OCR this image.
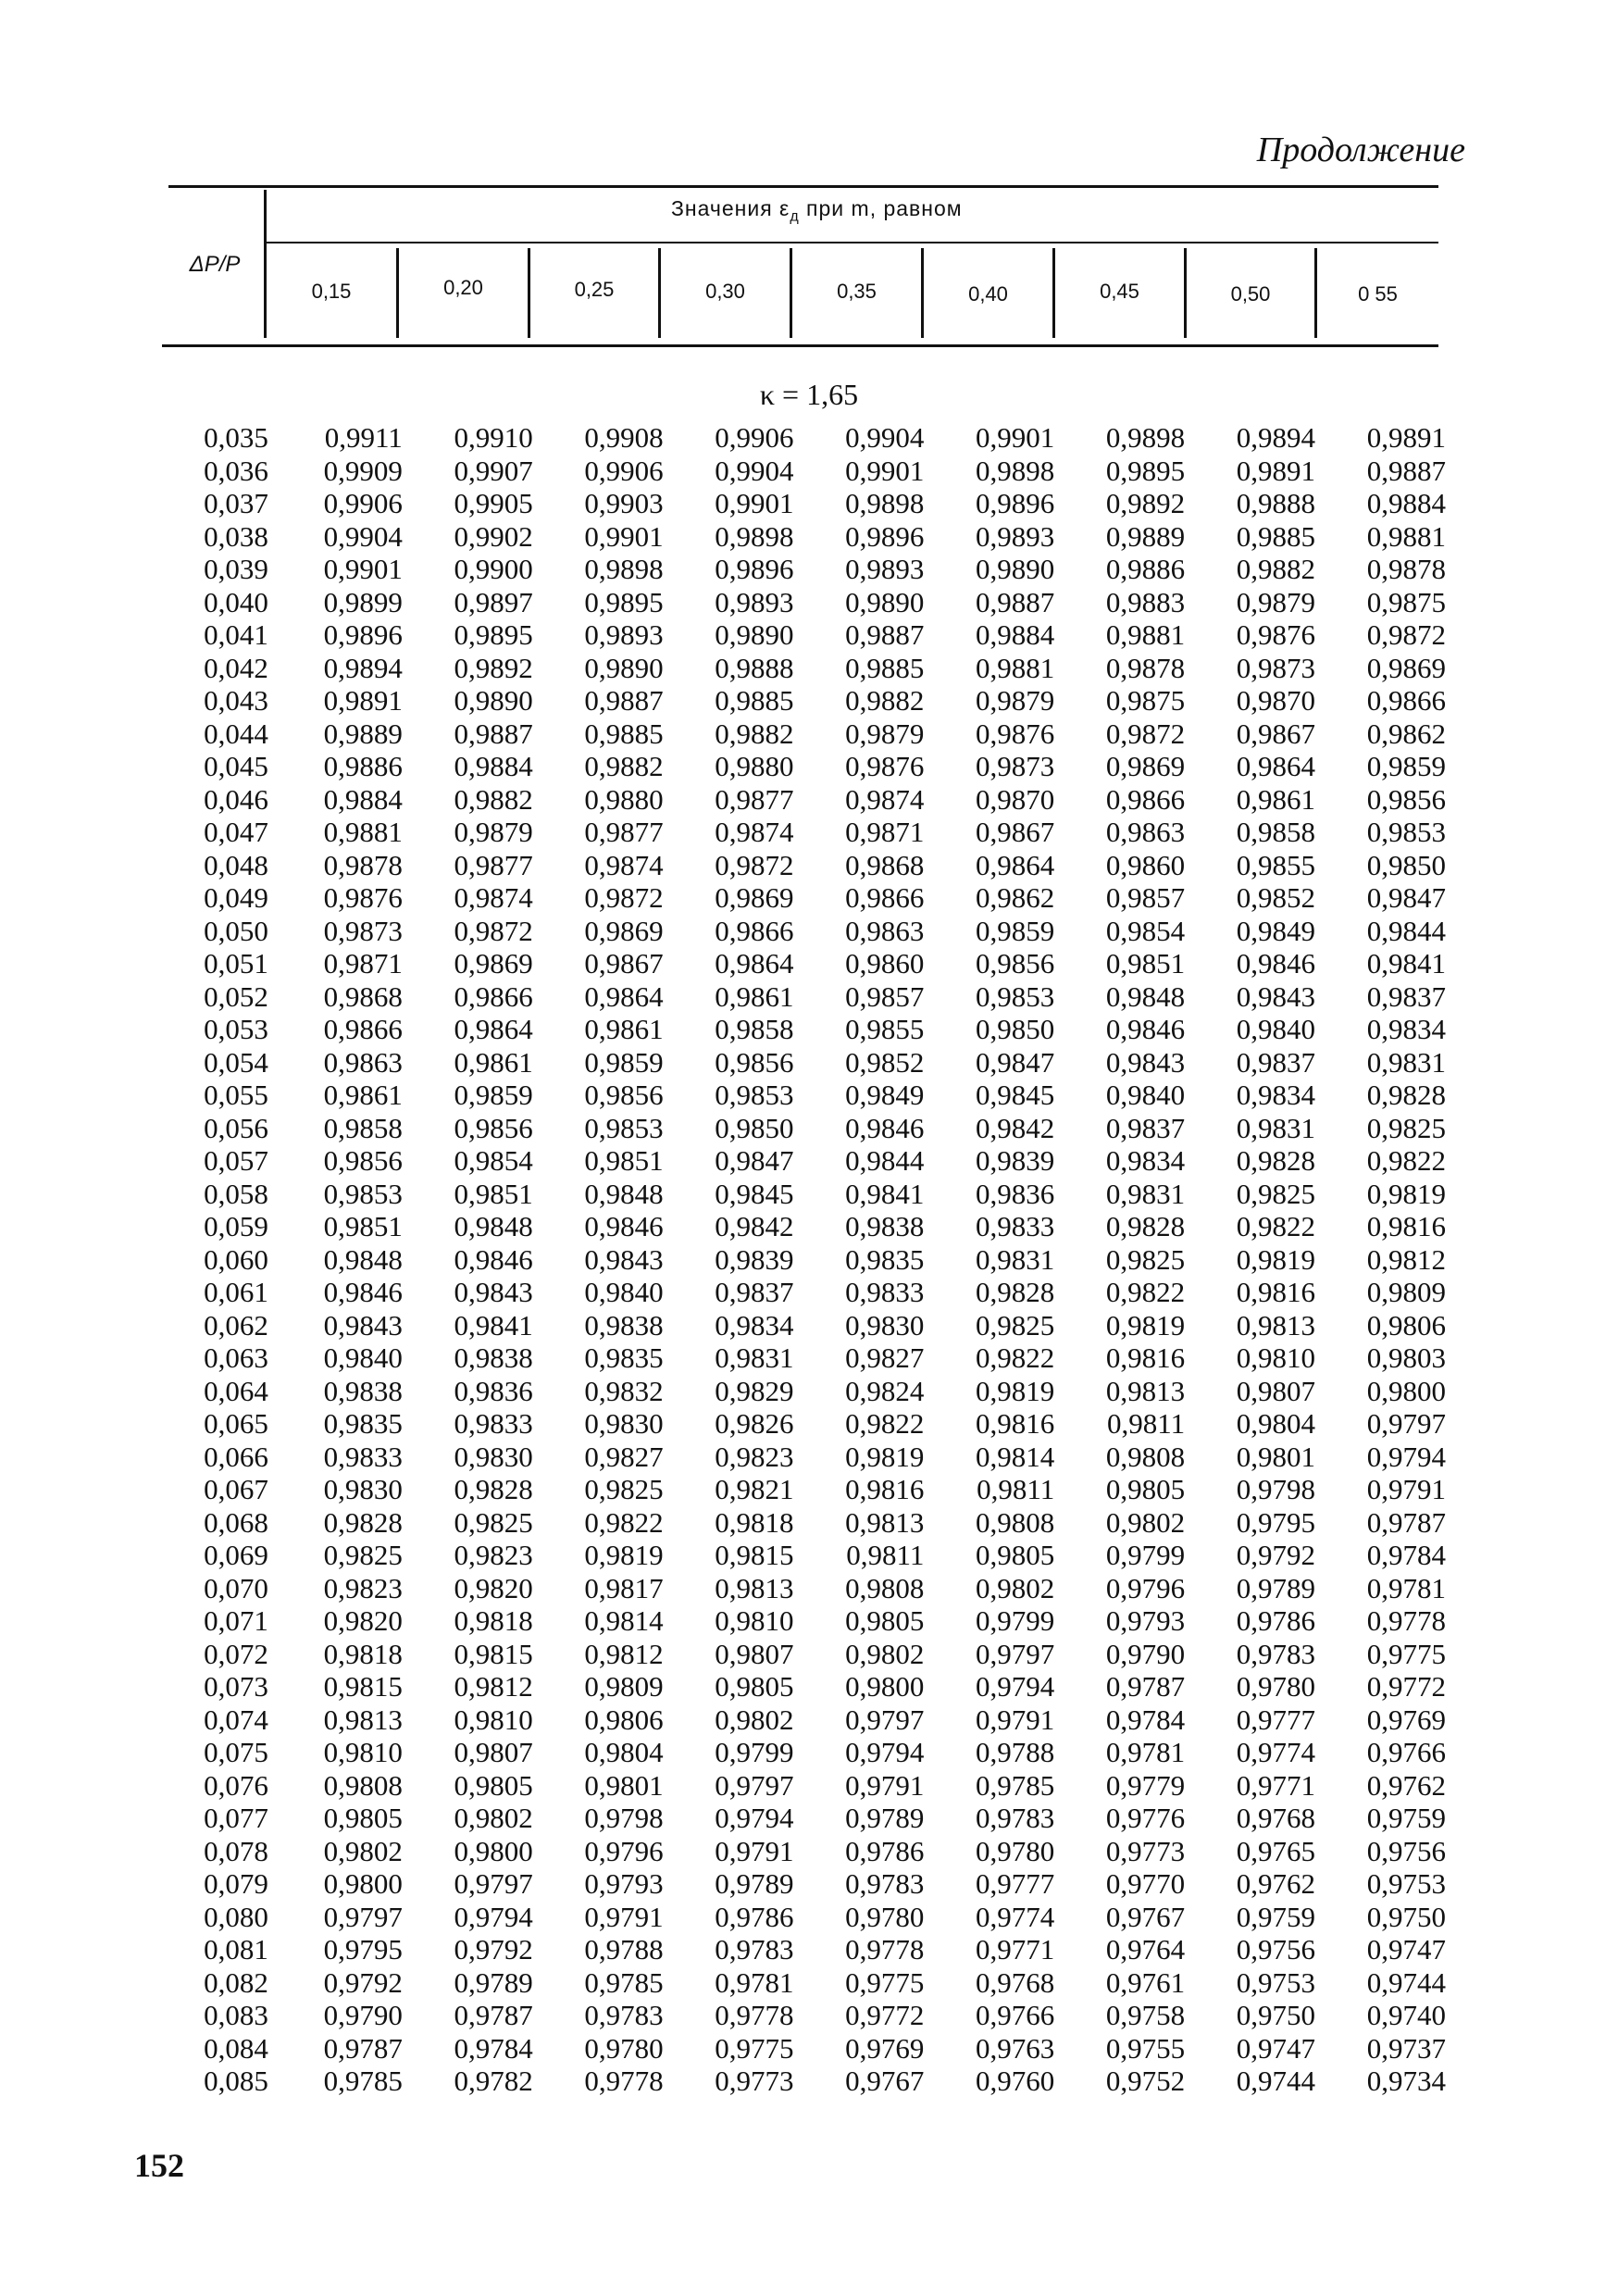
Продолжение
ΔP/P
Значения $\varepsilon_д$ при m, равном
0,15	0,20	0,25	0,30	0,35	0,40	0,45	0,50	0 55
κ = 1,65
0,035	0,9911	0,9910	0,9908	0,9906	0,9904	0,9901	0,9898	0,9894	0,9891
0,036	0,9909	0,9907	0,9906	0,9904	0,9901	0,9898	0,9895	0,9891	0,9887
0,037	0,9906	0,9905	0,9903	0,9901	0,9898	0,9896	0,9892	0,9888	0,9884
0,038	0,9904	0,9902	0,9901	0,9898	0,9896	0,9893	0,9889	0,9885	0,9881
0,039	0,9901	0,9900	0,9898	0,9896	0,9893	0,9890	0,9886	0,9882	0,9878
0,040	0,9899	0,9897	0,9895	0,9893	0,9890	0,9887	0,9883	0,9879	0,9875
0,041	0,9896	0,9895	0,9893	0,9890	0,9887	0,9884	0,9881	0,9876	0,9872
0,042	0,9894	0,9892	0,9890	0,9888	0,9885	0,9881	0,9878	0,9873	0,9869
0,043	0,9891	0,9890	0,9887	0,9885	0,9882	0,9879	0,9875	0,9870	0,9866
0,044	0,9889	0,9887	0,9885	0,9882	0,9879	0,9876	0,9872	0,9867	0,9862
0,045	0,9886	0,9884	0,9882	0,9880	0,9876	0,9873	0,9869	0,9864	0,9859
0,046	0,9884	0,9882	0,9880	0,9877	0,9874	0,9870	0,9866	0,9861	0,9856
0,047	0,9881	0,9879	0,9877	0,9874	0,9871	0,9867	0,9863	0,9858	0,9853
0,048	0,9878	0,9877	0,9874	0,9872	0,9868	0,9864	0,9860	0,9855	0,9850
0,049	0,9876	0,9874	0,9872	0,9869	0,9866	0,9862	0,9857	0,9852	0,9847
0,050	0,9873	0,9872	0,9869	0,9866	0,9863	0,9859	0,9854	0,9849	0,9844
0,051	0,9871	0,9869	0,9867	0,9864	0,9860	0,9856	0,9851	0,9846	0,9841
0,052	0,9868	0,9866	0,9864	0,9861	0,9857	0,9853	0,9848	0,9843	0,9837
0,053	0,9866	0,9864	0,9861	0,9858	0,9855	0,9850	0,9846	0,9840	0,9834
0,054	0,9863	0,9861	0,9859	0,9856	0,9852	0,9847	0,9843	0,9837	0,9831
0,055	0,9861	0,9859	0,9856	0,9853	0,9849	0,9845	0,9840	0,9834	0,9828
0,056	0,9858	0,9856	0,9853	0,9850	0,9846	0,9842	0,9837	0,9831	0,9825
0,057	0,9856	0,9854	0,9851	0,9847	0,9844	0,9839	0,9834	0,9828	0,9822
0,058	0,9853	0,9851	0,9848	0,9845	0,9841	0,9836	0,9831	0,9825	0,9819
0,059	0,9851	0,9848	0,9846	0,9842	0,9838	0,9833	0,9828	0,9822	0,9816
0,060	0,9848	0,9846	0,9843	0,9839	0,9835	0,9831	0,9825	0,9819	0,9812
0,061	0,9846	0,9843	0,9840	0,9837	0,9833	0,9828	0,9822	0,9816	0,9809
0,062	0,9843	0,9841	0,9838	0,9834	0,9830	0,9825	0,9819	0,9813	0,9806
0,063	0,9840	0,9838	0,9835	0,9831	0,9827	0,9822	0,9816	0,9810	0,9803
0,064	0,9838	0,9836	0,9832	0,9829	0,9824	0,9819	0,9813	0,9807	0,9800
0,065	0,9835	0,9833	0,9830	0,9826	0,9822	0,9816	0,9811	0,9804	0,9797
0,066	0,9833	0,9830	0,9827	0,9823	0,9819	0,9814	0,9808	0,9801	0,9794
0,067	0,9830	0,9828	0,9825	0,9821	0,9816	0,9811	0,9805	0,9798	0,9791
0,068	0,9828	0,9825	0,9822	0,9818	0,9813	0,9808	0,9802	0,9795	0,9787
0,069	0,9825	0,9823	0,9819	0,9815	0,9811	0,9805	0,9799	0,9792	0,9784
0,070	0,9823	0,9820	0,9817	0,9813	0,9808	0,9802	0,9796	0,9789	0,9781
0,071	0,9820	0,9818	0,9814	0,9810	0,9805	0,9799	0,9793	0,9786	0,9778
0,072	0,9818	0,9815	0,9812	0,9807	0,9802	0,9797	0,9790	0,9783	0,9775
0,073	0,9815	0,9812	0,9809	0,9805	0,9800	0,9794	0,9787	0,9780	0,9772
0,074	0,9813	0,9810	0,9806	0,9802	0,9797	0,9791	0,9784	0,9777	0,9769
0,075	0,9810	0,9807	0,9804	0,9799	0,9794	0,9788	0,9781	0,9774	0,9766
0,076	0,9808	0,9805	0,9801	0,9797	0,9791	0,9785	0,9779	0,9771	0,9762
0,077	0,9805	0,9802	0,9798	0,9794	0,9789	0,9783	0,9776	0,9768	0,9759
0,078	0,9802	0,9800	0,9796	0,9791	0,9786	0,9780	0,9773	0,9765	0,9756
0,079	0,9800	0,9797	0,9793	0,9789	0,9783	0,9777	0,9770	0,9762	0,9753
0,080	0,9797	0,9794	0,9791	0,9786	0,9780	0,9774	0,9767	0,9759	0,9750
0,081	0,9795	0,9792	0,9788	0,9783	0,9778	0,9771	0,9764	0,9756	0,9747
0,082	0,9792	0,9789	0,9785	0,9781	0,9775	0,9768	0,9761	0,9753	0,9744
0,083	0,9790	0,9787	0,9783	0,9778	0,9772	0,9766	0,9758	0,9750	0,9740
0,084	0,9787	0,9784	0,9780	0,9775	0,9769	0,9763	0,9755	0,9747	0,9737
0,085	0,9785	0,9782	0,9778	0,9773	0,9767	0,9760	0,9752	0,9744	0,9734
152
